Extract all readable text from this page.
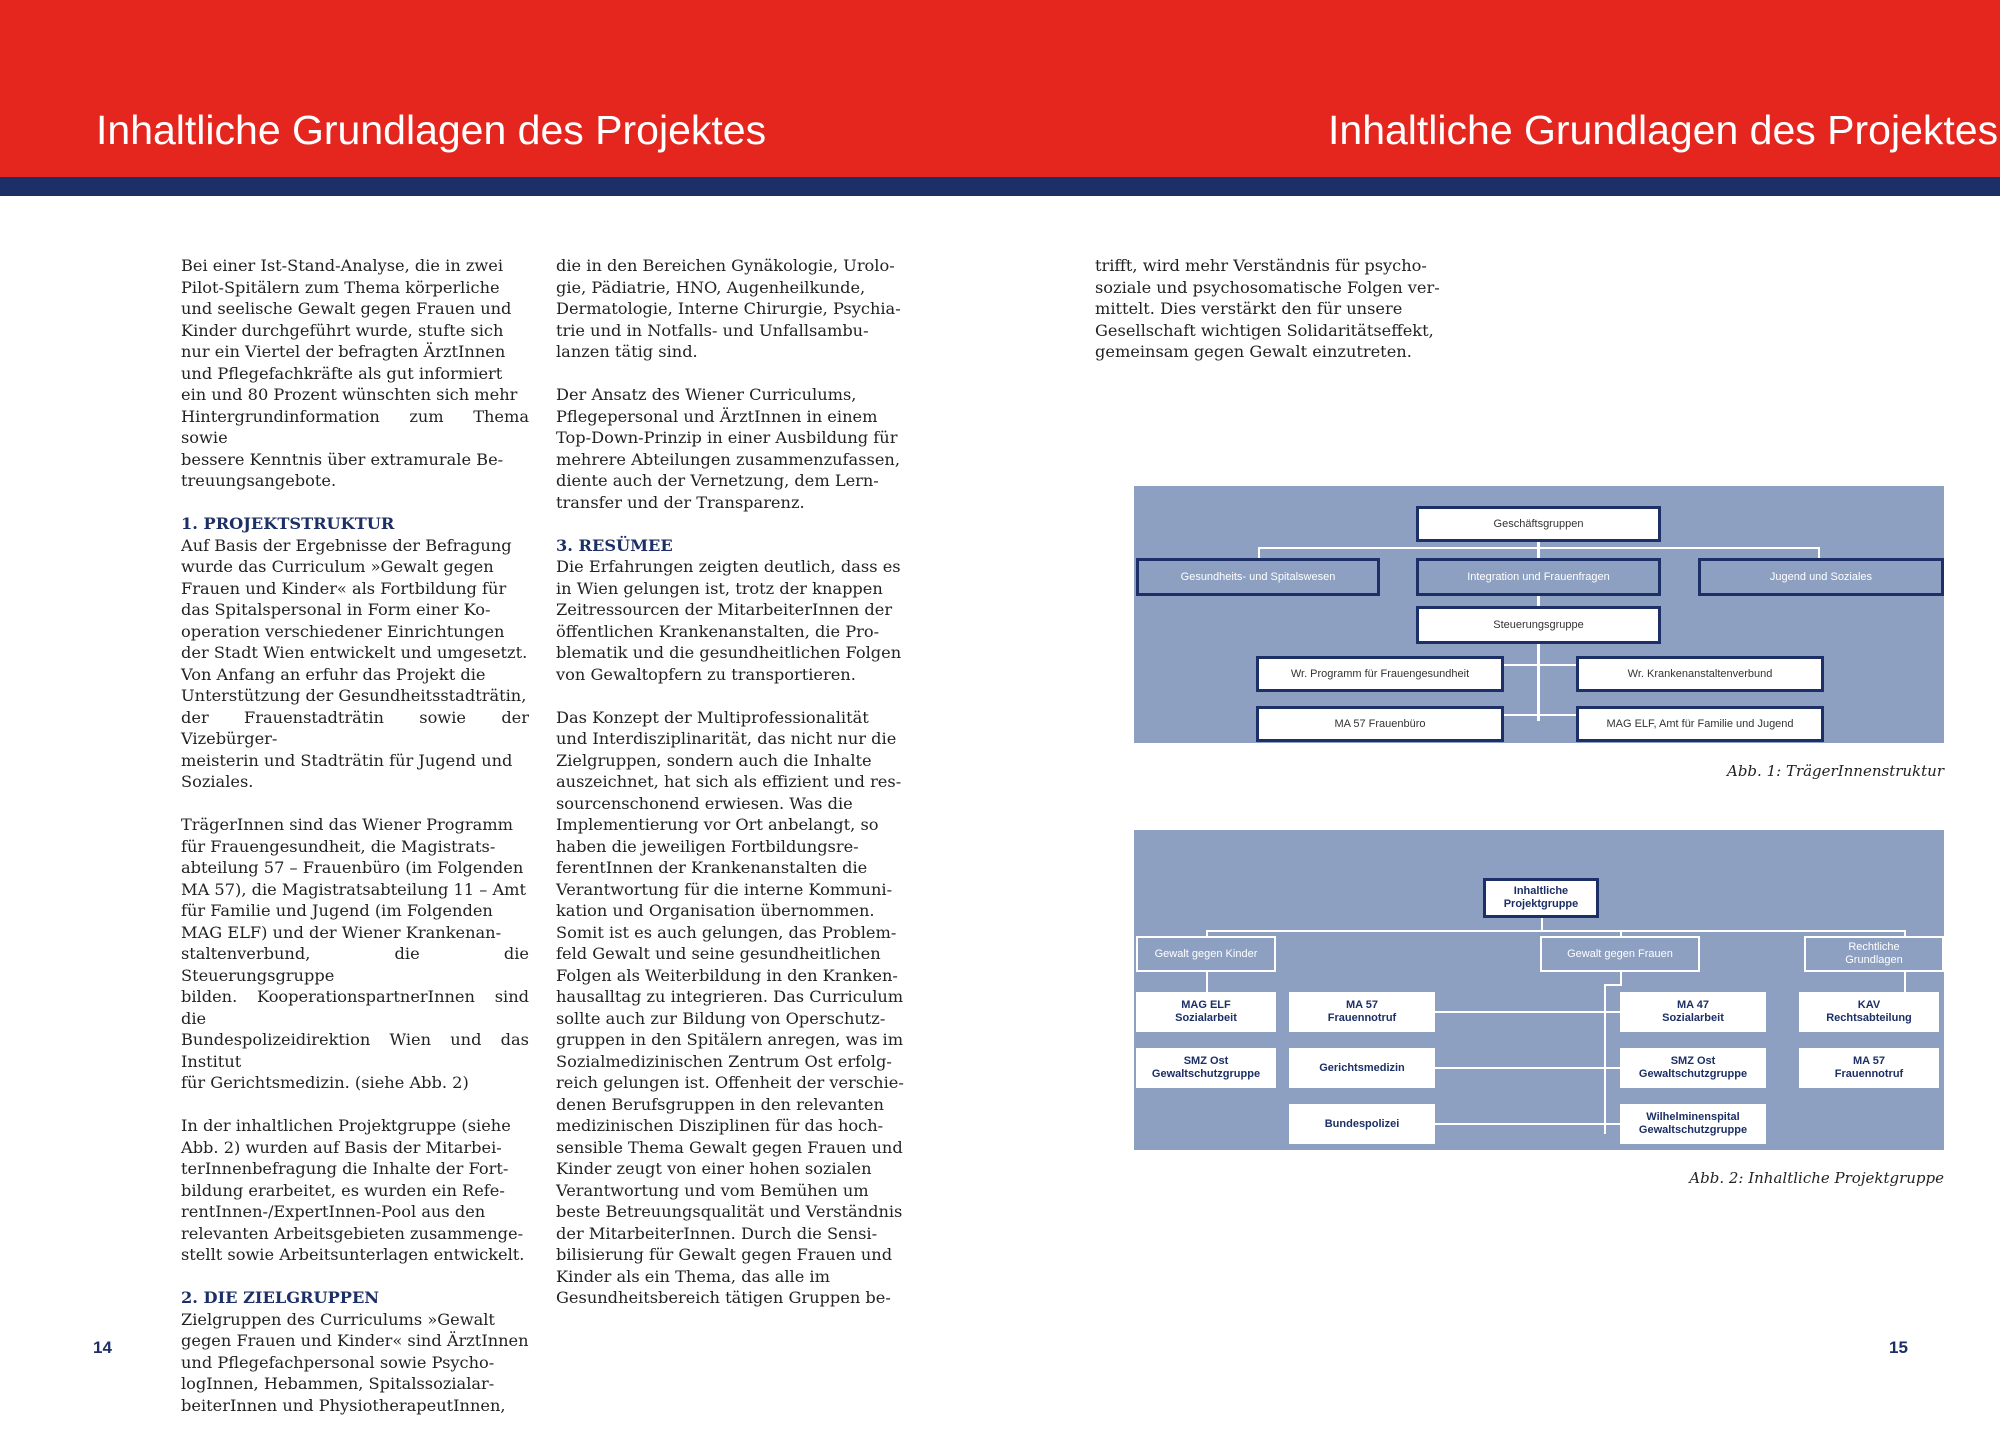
Inhaltliche Grundlagen des Projektes	Inhaltliche Grundlagen des Projektes

Bei einer Ist-Stand-Analyse, die in zwei
Pilot-Spitälern zum Thema körperliche
und seelische Gewalt gegen Frauen und
Kinder durchgeführt wurde, stufte sich
nur ein Viertel der befragten ÄrztInnen
und Pflegefachkräfte als gut informiert
ein und 80 Prozent wünschten sich mehr
Hintergrundinformation zum Thema sowie
bessere Kenntnis über extramurale Be-
treuungsangebote.

1. PROJEKTSTRUKTUR

Auf Basis der Ergebnisse der Befragung
wurde das Curriculum »Gewalt gegen
Frauen und Kinder« als Fortbildung für
das Spitalspersonal in Form einer Ko-
operation verschiedener Einrichtungen
der Stadt Wien entwickelt und umgesetzt.
Von Anfang an erfuhr das Projekt die
Unterstützung der Gesundheitsstadträtin,
der Frauenstadträtin sowie der Vizebürger-
meisterin und Stadträtin für Jugend und
Soziales.

TrägerInnen sind das Wiener Programm
für Frauengesundheit, die Magistrats-
abteilung 57 – Frauenbüro (im Folgenden
MA 57), die Magistratsabteilung 11 – Amt
für Familie und Jugend (im Folgenden
MAG ELF) und der Wiener Krankenan-
staltenverbund, die die Steuerungsgruppe
bilden. KooperationspartnerInnen sind die
Bundespolizeidirektion Wien und das Institut
für Gerichtsmedizin. (siehe Abb. 2)

In der inhaltlichen Projektgruppe (siehe
Abb. 2) wurden auf Basis der Mitarbei-
terInnenbefragung die Inhalte der Fort-
bildung erarbeitet, es wurden ein Refe-
rentInnen-/ExpertInnen-Pool aus den
relevanten Arbeitsgebieten zusammenge-
stellt sowie Arbeitsunterlagen entwickelt.

2. DIE ZIELGRUPPEN

Zielgruppen des Curriculums »Gewalt
gegen Frauen und Kinder« sind ÄrztInnen
und Pflegefachpersonal sowie Psycho-
logInnen, Hebammen, Spitalssozialar-
beiterInnen und PhysiotherapeutInnen,

die in den Bereichen Gynäkologie, Urolo-
gie, Pädiatrie, HNO, Augenheilkunde,
Dermatologie, Interne Chirurgie, Psychia-
trie und in Notfalls- und Unfallsambu-
lanzen tätig sind.

Der Ansatz des Wiener Curriculums,
Pflegepersonal und ÄrztInnen in einem
Top-Down-Prinzip in einer Ausbildung für
mehrere Abteilungen zusammenzufassen,
diente auch der Vernetzung, dem Lern-
transfer und der Transparenz.

3. RESÜMEE

Die Erfahrungen zeigten deutlich, dass es
in Wien gelungen ist, trotz der knappen
Zeitressourcen der MitarbeiterInnen der
öffentlichen Krankenanstalten, die Pro-
blematik und die gesundheitlichen Folgen
von Gewaltopfern zu transportieren.

Das Konzept der Multiprofessionalität
und Interdisziplinarität, das nicht nur die
Zielgruppen, sondern auch die Inhalte
auszeichnet, hat sich als effizient und res-
sourcenschonend erwiesen. Was die
Implementierung vor Ort anbelangt, so
haben die jeweiligen Fortbildungsre-
ferentInnen der Krankenanstalten die
Verantwortung für die interne Kommuni-
kation und Organisation übernommen.
Somit ist es auch gelungen, das Problem-
feld Gewalt und seine gesundheitlichen
Folgen als Weiterbildung in den Kranken-
hausalltag zu integrieren. Das Curriculum
sollte auch zur Bildung von Operschutz-
gruppen in den Spitälern anregen, was im
Sozialmedizinischen Zentrum Ost erfolg-
reich gelungen ist. Offenheit der verschie-
denen Berufsgruppen in den relevanten
medizinischen Disziplinen für das hoch-
sensible Thema Gewalt gegen Frauen und
Kinder zeugt von einer hohen sozialen
Verantwortung und vom Bemühen um
beste Betreuungsqualität und Verständnis
der MitarbeiterInnen. Durch die Sensi-
bilisierung für Gewalt gegen Frauen und
Kinder als ein Thema, das alle im
Gesundheitsbereich tätigen Gruppen be-

trifft, wird mehr Verständnis für psycho-
soziale und psychosomatische Folgen ver-
mittelt. Dies verstärkt den für unsere
Gesellschaft wichtigen Solidaritätseffekt,
gemeinsam gegen Gewalt einzutreten.

14	15
Geschäftsgruppen
Gesundheits- und Spitalswesen	Integration und Frauenfragen	Jugend und Soziales
Steuerungsgruppe
Wr. Programm für Frauengesundheit	Wr. Krankenanstaltenverbund
MA 57 Frauenbüro	MAG ELF, Amt für Familie und Jugend
Abb. 1: TrägerInnenstruktur
Inhaltliche
Projektgruppe
Gewalt gegen Kinder	Gewalt gegen Frauen
Rechtliche
Grundlagen
MAG ELF
Sozialarbeit
MA 57
Frauennotruf
MA 47
Sozialarbeit
KAV
Rechtsabteilung
SMZ Ost
Gewaltschutzgruppe
Gerichtsmedizin
SMZ Ost
Gewaltschutzgruppe
MA 57
Frauennotruf
Bundespolizei
Wilhelminenspital
Gewaltschutzgruppe
Abb. 2: Inhaltliche Projektgruppe
